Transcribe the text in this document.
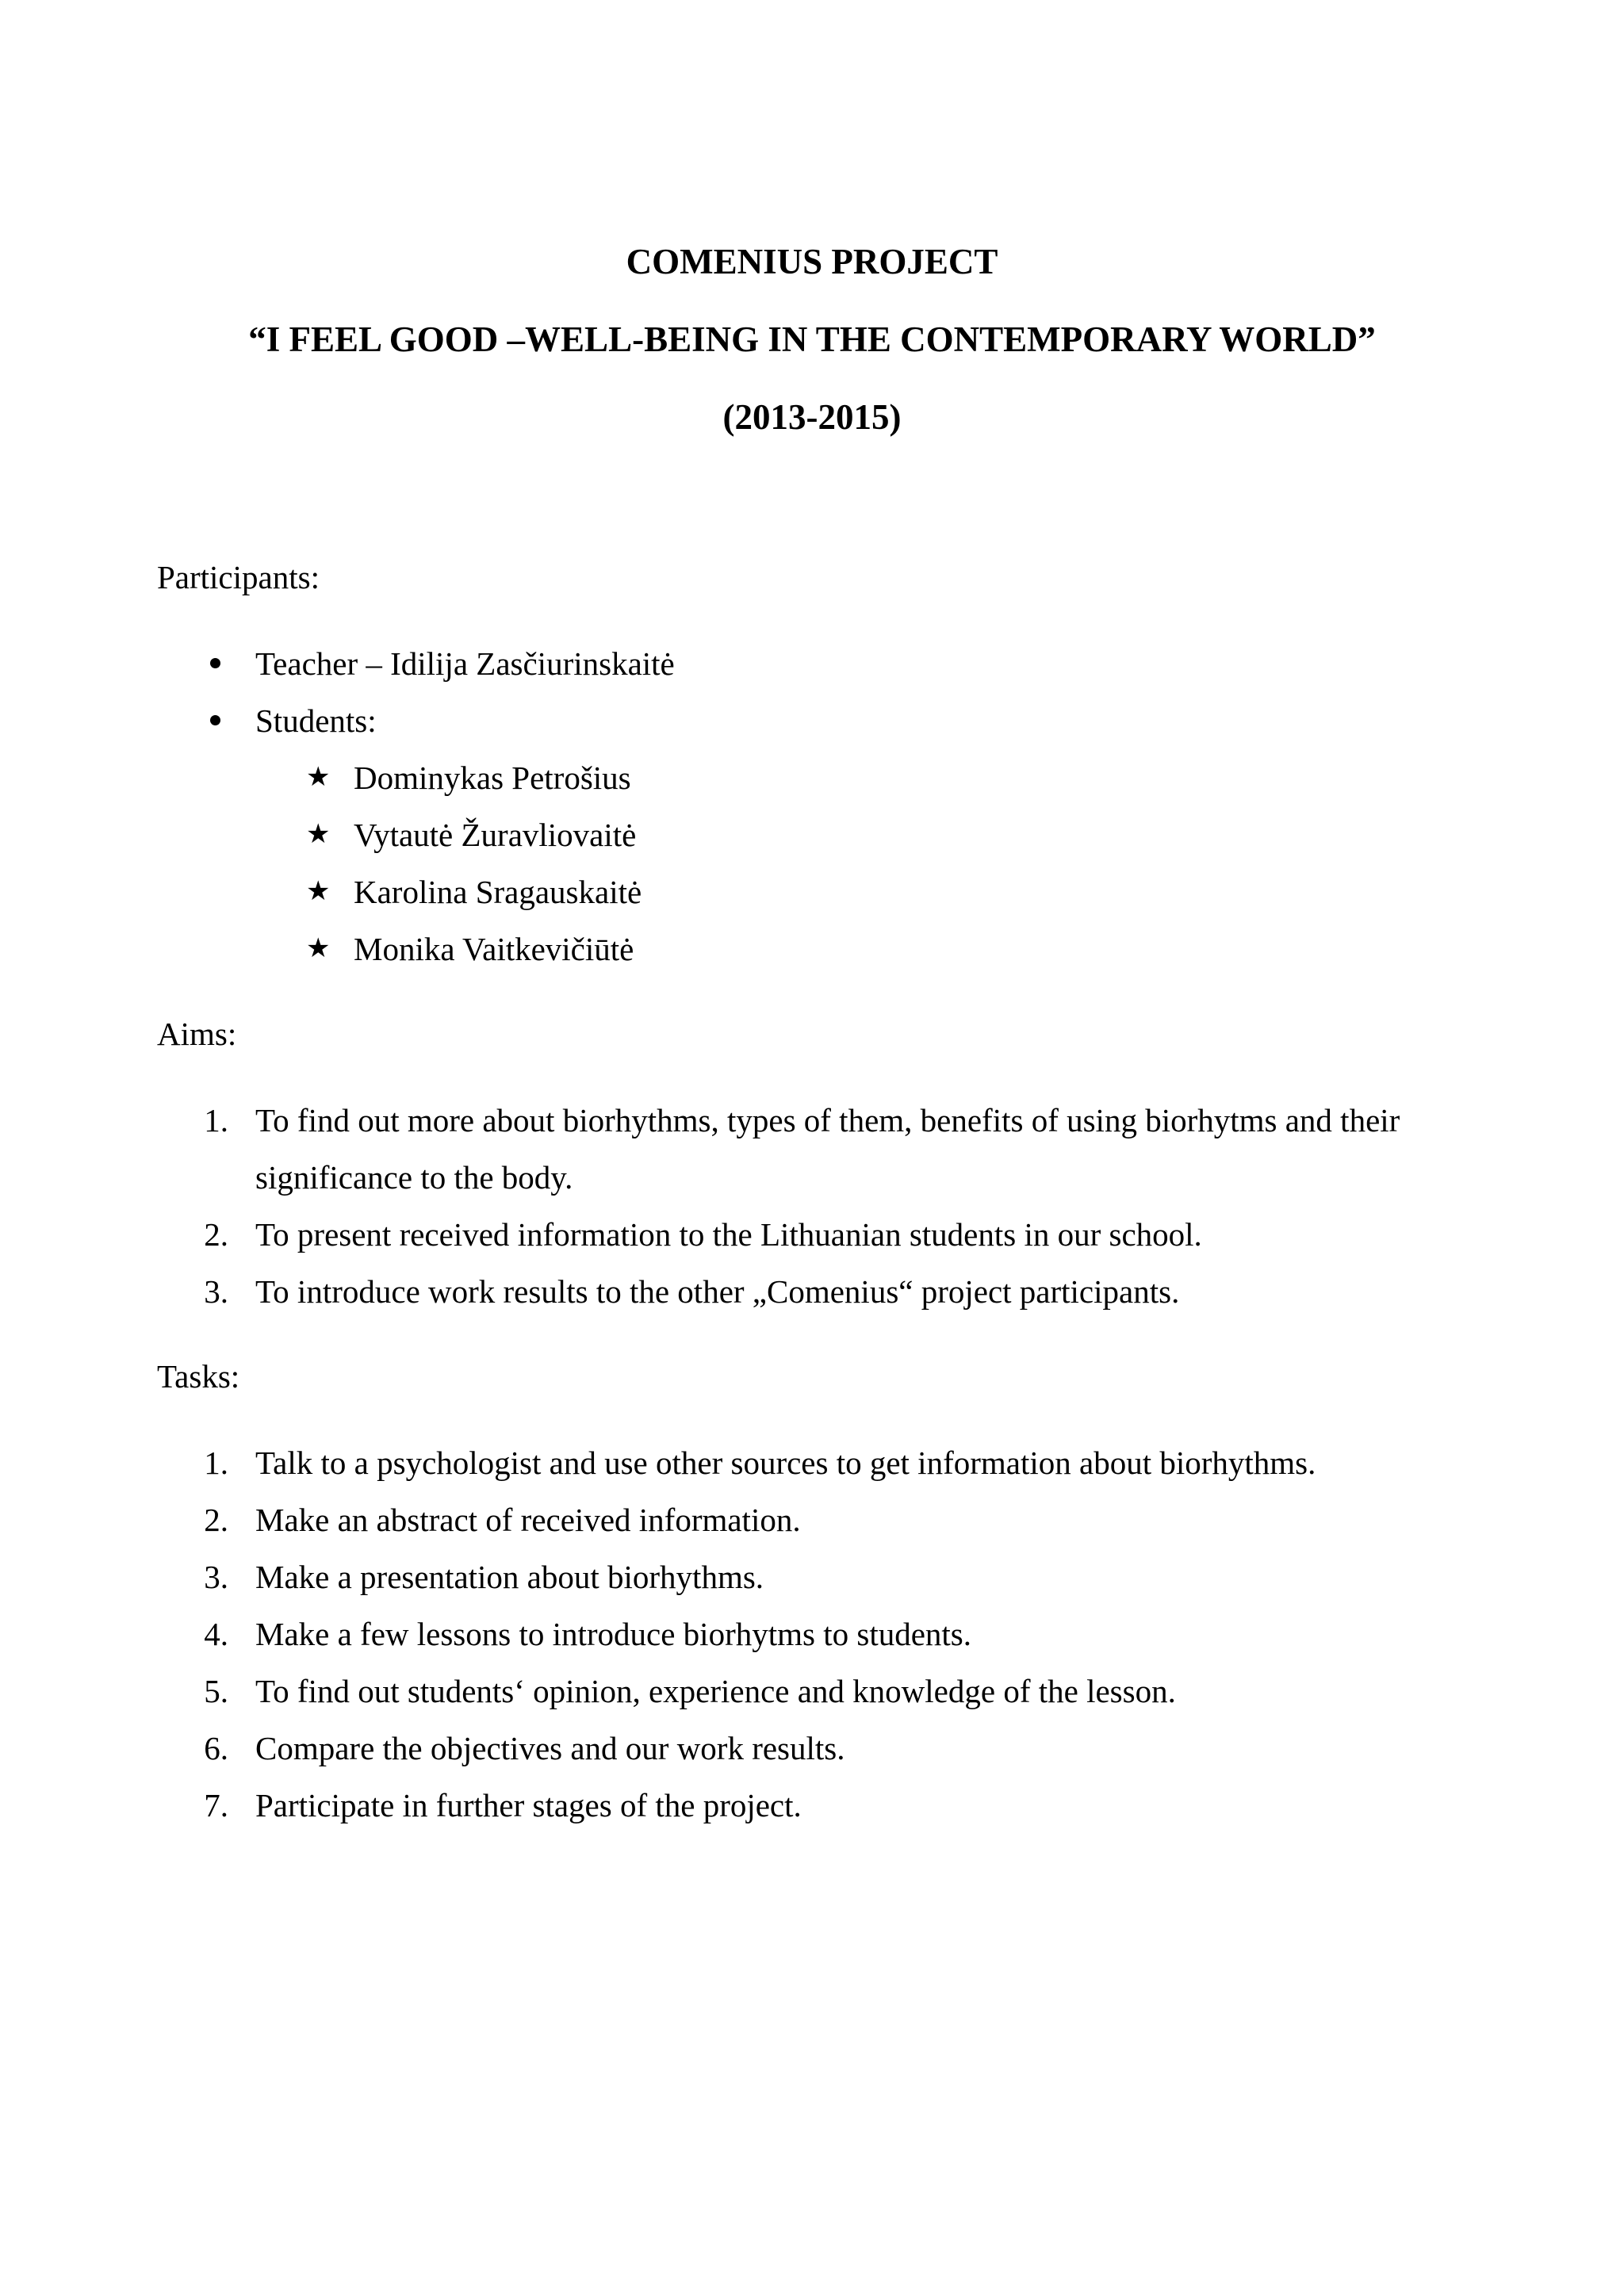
COMENIUS PROJECT
“I FEEL GOOD –WELL-BEING IN THE CONTEMPORARY WORLD”
(2013-2015)
Participants:
Teacher – Idilija Zasčiurinskaitė
Students:
★ Dominykas Petrošius
★ Vytautė Žuravliovaitė
★ Karolina Sragauskaitė
★ Monika Vaitkevičiūtė
Aims:
1. To find out more about biorhythms, types of them, benefits of using biorhytms and their
significance to the body.
2. To present received information to the Lithuanian students in our school.
3. To introduce work results to the other „Comenius“ project participants.
Tasks:
1. Talk to a psychologist and use other sources to get information about biorhythms.
2. Make an abstract of received information.
3. Make a presentation about biorhythms.
4. Make a few lessons to introduce biorhytms to students.
5. To find out students‘ opinion, experience and knowledge of the lesson.
6. Compare the objectives and our work results.
7. Participate in further stages of the project.
